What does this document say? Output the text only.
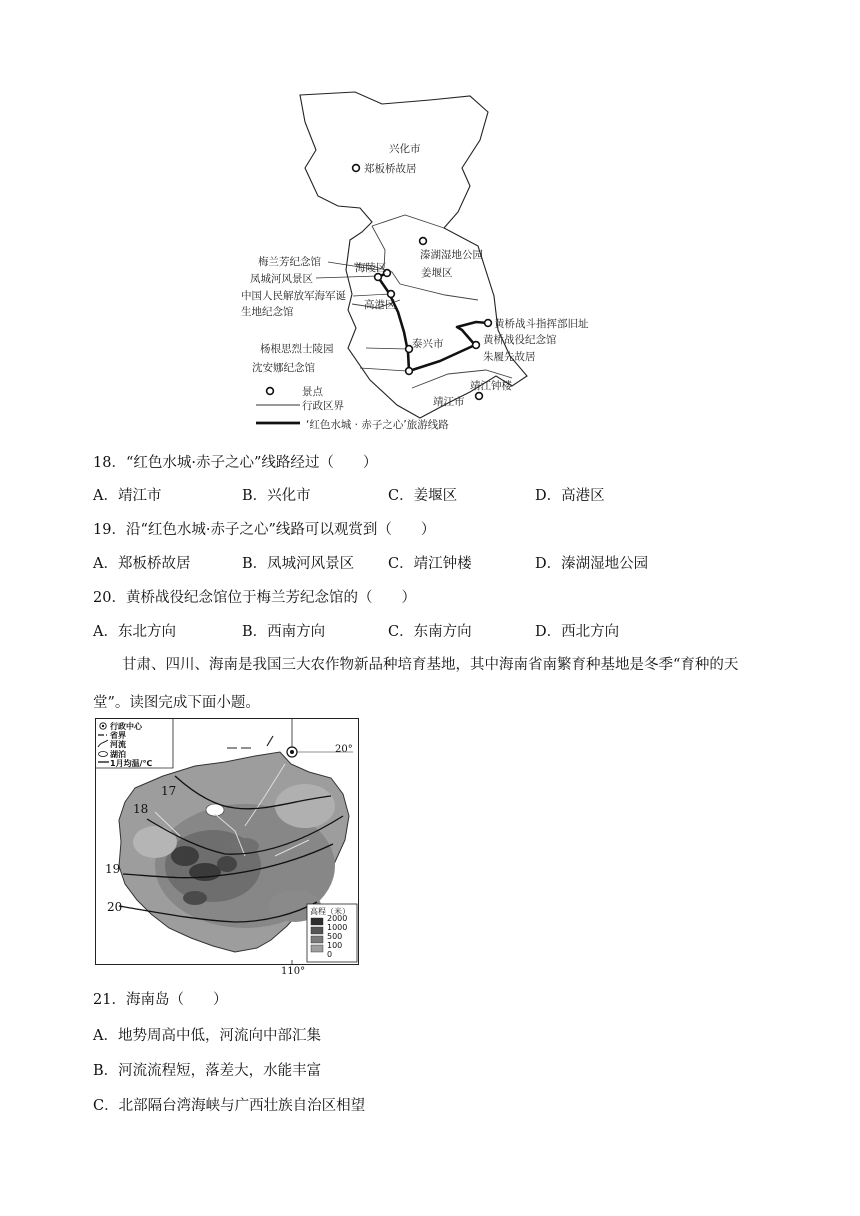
兴化市
郑板桥故居
溱湖湿地公园
姜堰区
梅兰芳纪念馆	海陵区
凤城河风景区
中国人民解放军海军诞
生地纪念馆
高港区
黄桥战斗指挥部旧址
黄桥战役纪念馆
朱履先故居
杨根思烈士陵园	泰兴市
沈安娜纪念馆
靖江钟楼
靖江市
景点
行政区界
‘红色水城 · 赤子之心’旅游线路
18．“红色水城·赤子之心”线路经过（　　）
A．靖江市	B．兴化市	C．姜堰区	D．高港区
19．沿“红色水城·赤子之心”线路可以观赏到（　　）
A．郑板桥故居	B．凤城河风景区 C．靖江钟楼	D．溱湖湿地公园
20．黄桥战役纪念馆位于梅兰芳纪念馆的（　　）
A．东北方向	B．西南方向	C．东南方向	D．西北方向
甘肃、四川、海南是我国三大农作物新品种培育基地，其中海南省南繁育种基地是冬季“育种的天堂”。读图完成下面小题。
行政中心
省界
河流
湖泊
1月均温/℃
20°
110°
17
18
19
20	高程（米）
2000
1000
500
100
0
21．海南岛（　　）
A．地势周高中低，河流向中部汇集
B．河流流程短，落差大，水能丰富
C．北部隔台湾海峡与广西壮族自治区相望
